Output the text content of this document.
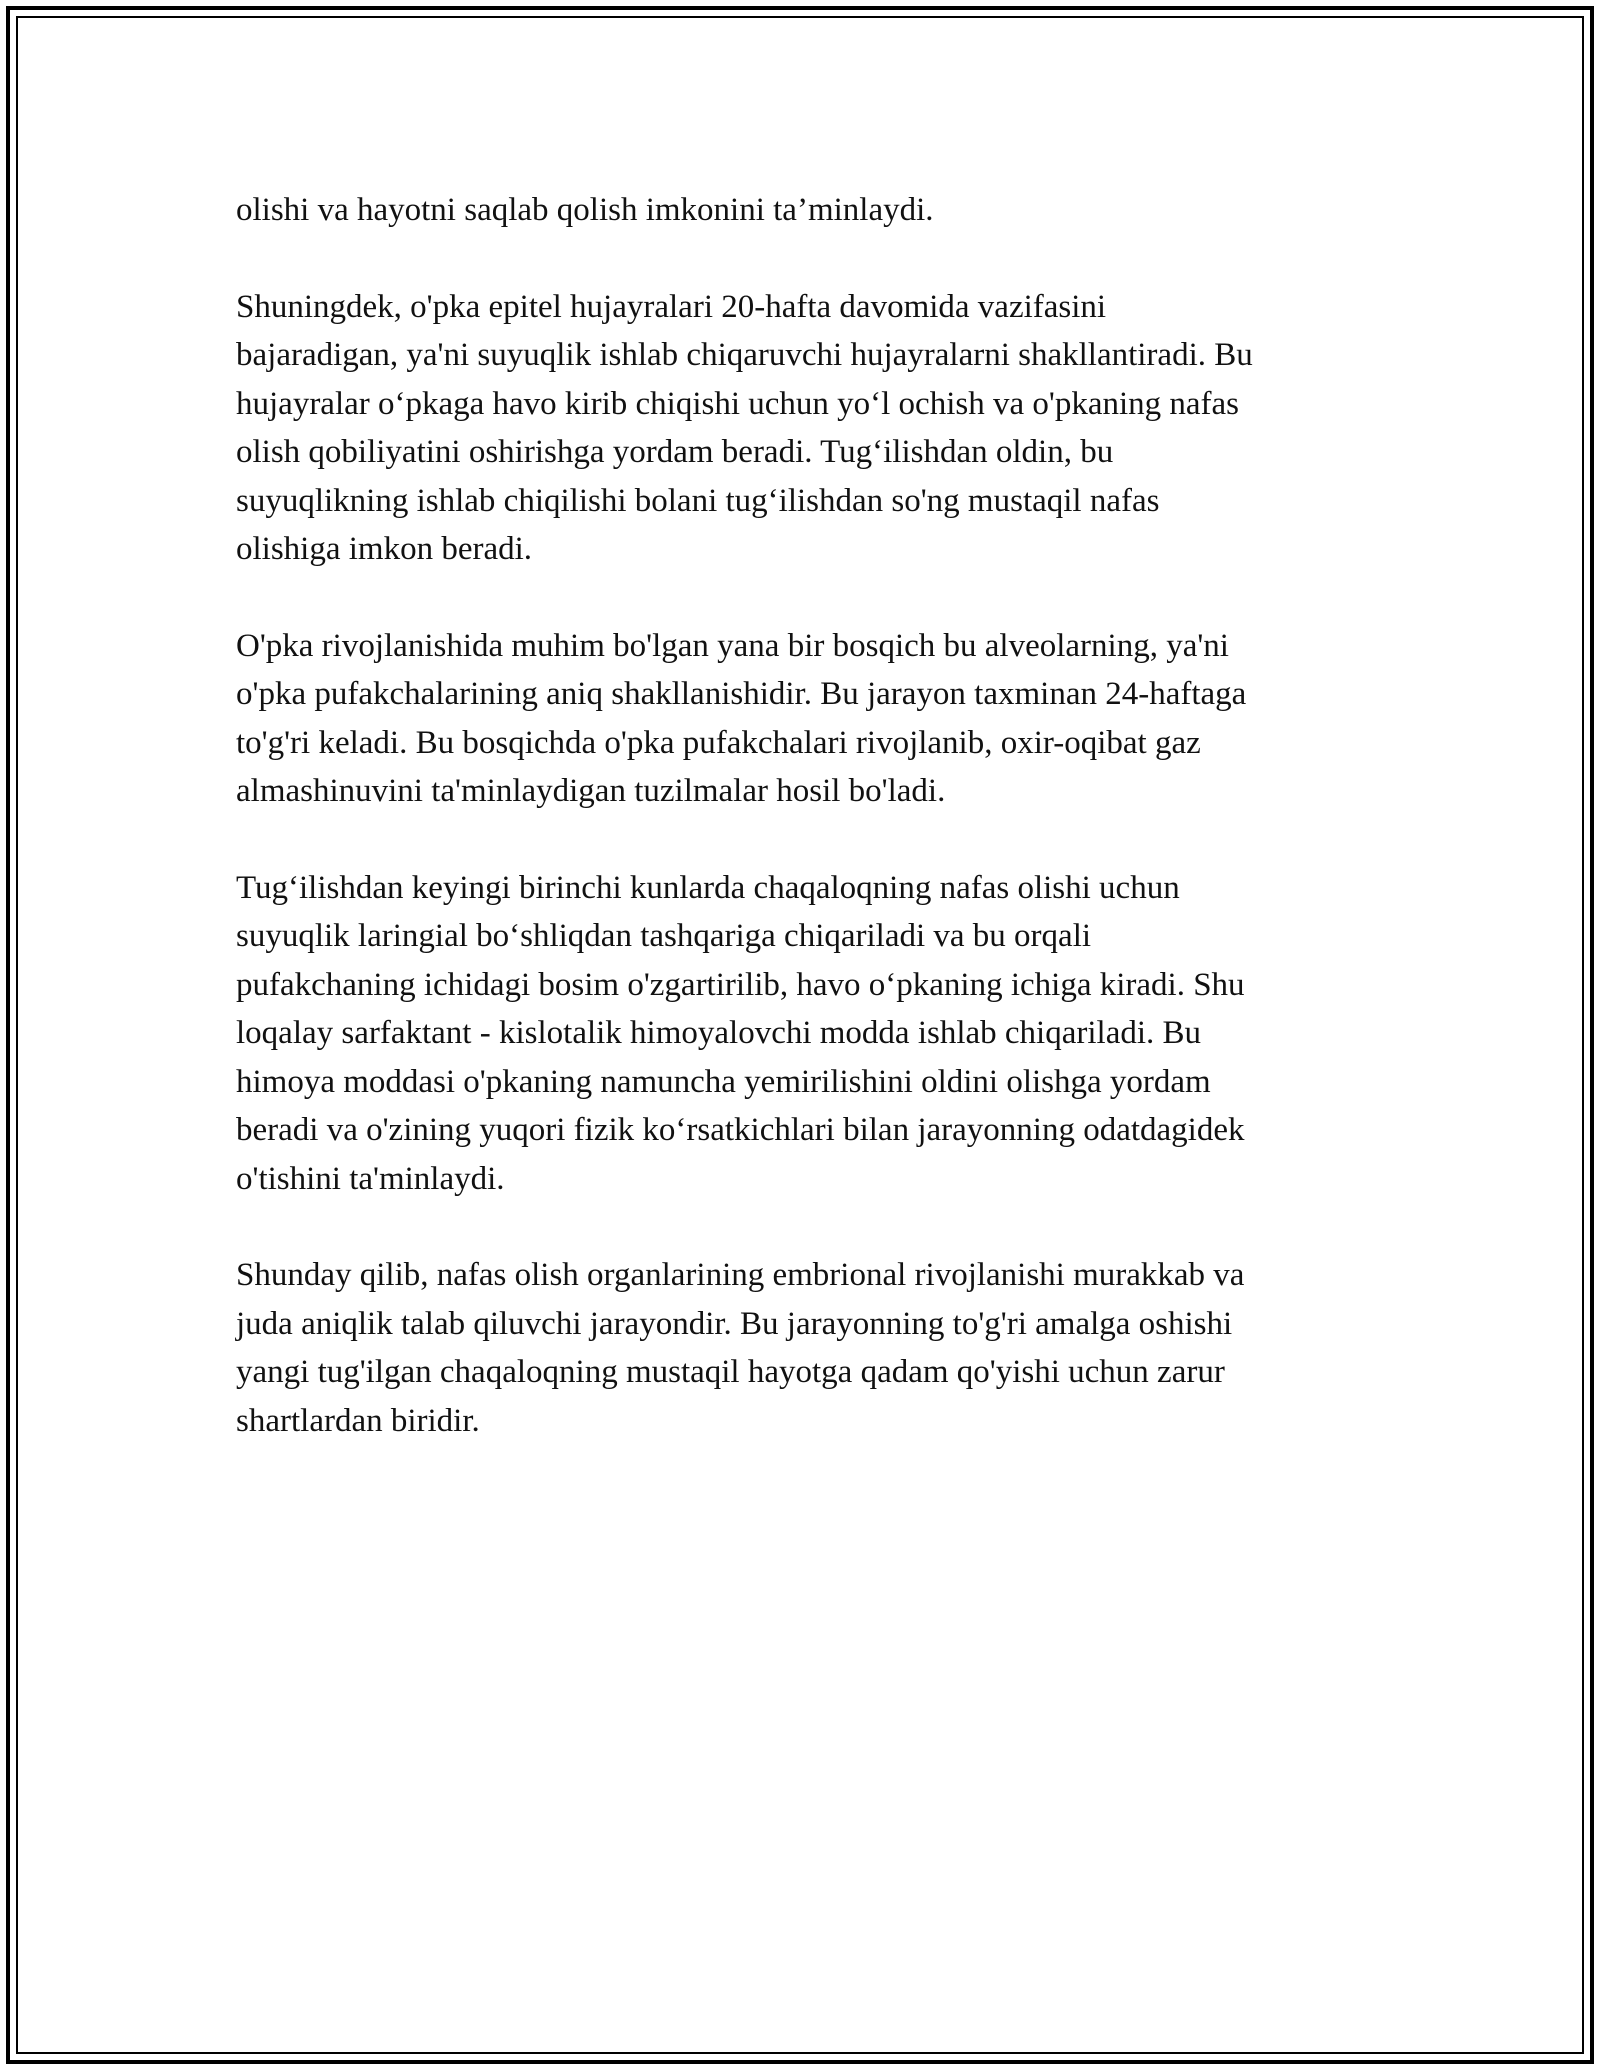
olishi va hayotni saqlab qolish imkonini ta’minlaydi.

Shuningdek, o'pka epitel hujayralari 20-hafta davomida vazifasini
bajaradigan, ya'ni suyuqlik ishlab chiqaruvchi hujayralarni shakllantiradi. Bu
hujayralar o‘pkaga havo kirib chiqishi uchun yo‘l ochish va o'pkaning nafas
olish qobiliyatini oshirishga yordam beradi. Tug‘ilishdan oldin, bu
suyuqlikning ishlab chiqilishi bolani tug‘ilishdan so'ng mustaqil nafas
olishiga imkon beradi.

O'pka rivojlanishida muhim bo'lgan yana bir bosqich bu alveolarning, ya'ni
o'pka pufakchalarining aniq shakllanishidir. Bu jarayon taxminan 24-haftaga
to'g'ri keladi. Bu bosqichda o'pka pufakchalari rivojlanib, oxir-oqibat gaz
almashinuvini ta'minlaydigan tuzilmalar hosil bo'ladi.

Tug‘ilishdan keyingi birinchi kunlarda chaqaloqning nafas olishi uchun
suyuqlik laringial bo‘shliqdan tashqariga chiqariladi va bu orqali
pufakchaning ichidagi bosim o'zgartirilib, havo o‘pkaning ichiga kiradi. Shu
loqalay sarfaktant - kislotalik himoyalovchi modda ishlab chiqariladi. Bu
himoya moddasi o'pkaning namuncha yemirilishini oldini olishga yordam
beradi va o'zining yuqori fizik ko‘rsatkichlari bilan jarayonning odatdagidek
o'tishini ta'minlaydi.

Shunday qilib, nafas olish organlarining embrional rivojlanishi murakkab va
juda aniqlik talab qiluvchi jarayondir. Bu jarayonning to'g'ri amalga oshishi
yangi tug'ilgan chaqaloqning mustaqil hayotga qadam qo'yishi uchun zarur
shartlardan biridir.
